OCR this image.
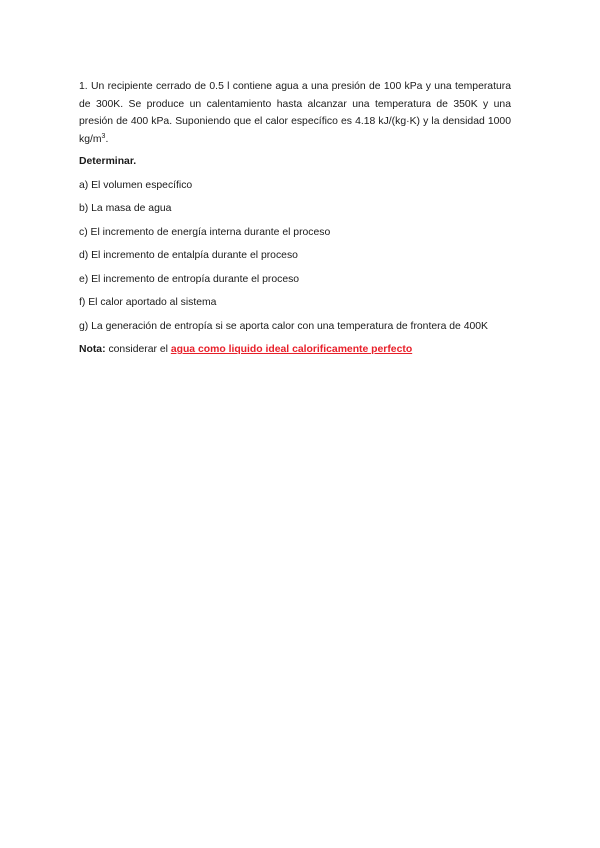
1. Un recipiente cerrado de 0.5 l contiene agua a una presión de 100 kPa y una temperatura de 300K. Se produce un calentamiento hasta alcanzar una temperatura de 350K y una presión de 400 kPa. Suponiendo que el calor específico es 4.18 kJ/(kg·K) y la densidad 1000 $kg/m^3$.

Determinar.

a) El volumen específico
b) La masa de agua
c) El incremento de energía interna durante el proceso
d) El incremento de entalpía durante el proceso
e) El incremento de entropía durante el proceso
f) El calor aportado al sistema
g) La generación de entropía si se aporta calor con una temperatura de frontera de 400K

Nota: considerar el agua como liquido ideal calorificamente perfecto
